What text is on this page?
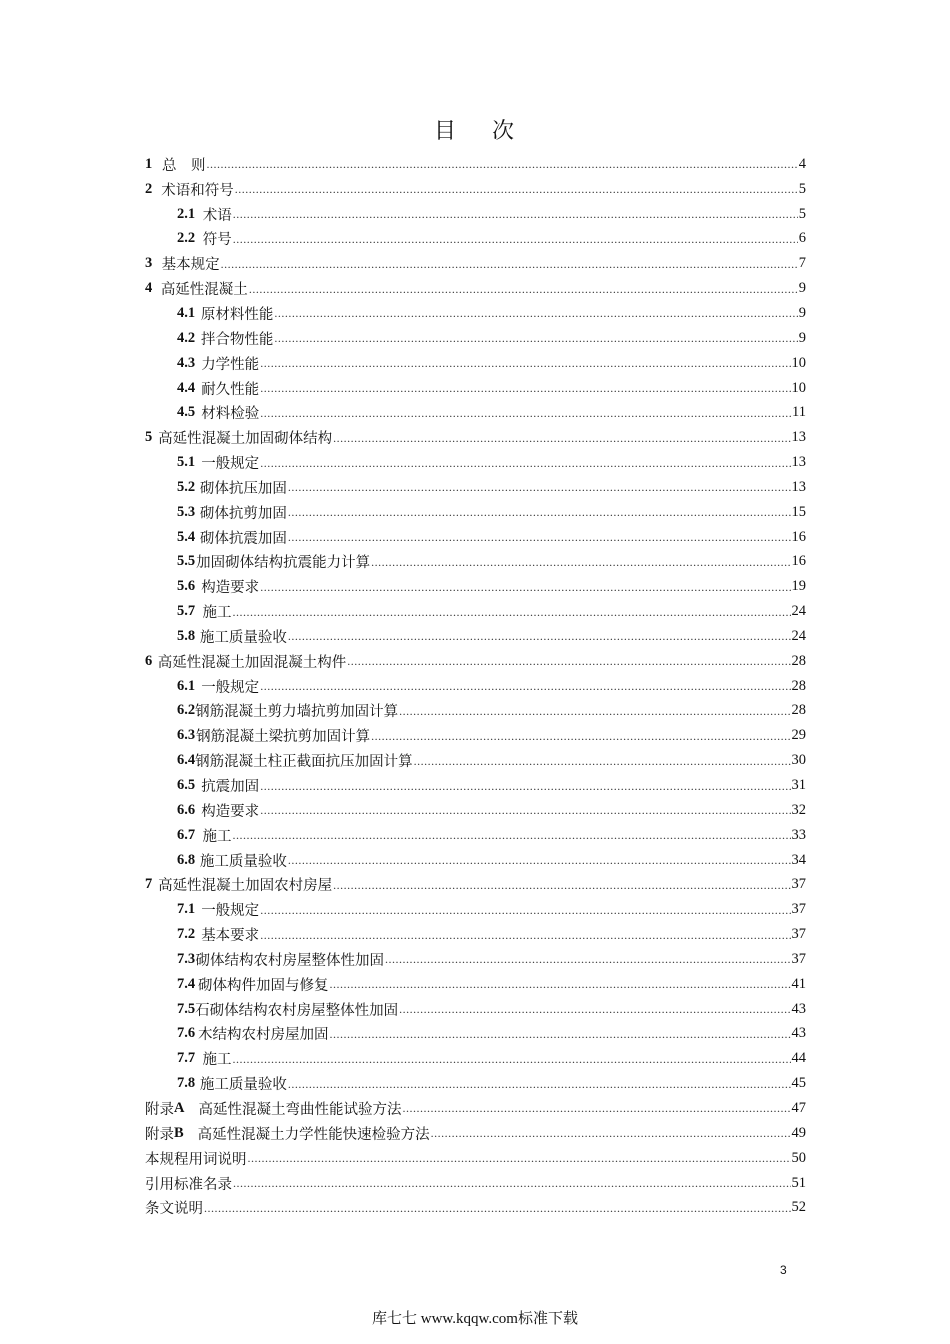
目 次
1 总　则 .....	4
2 术语和符号 .....	5
2.1 术语 .....	5
2.2 符号 .....	6
3 基本规定 .....	7
4 高延性混凝土 .....	9
4.1 原材料性能 .....	9
4.2 拌合物性能 .....	9
4.3 力学性能 .....	10
4.4 耐久性能 .....	10
4.5 材料检验 .....	11
5 高延性混凝土加固砌体结构 .....	13
5.1 一般规定 .....	13
5.2 砌体抗压加固 .....	13
5.3 砌体抗剪加固 .....	15
5.4 砌体抗震加固 .....	16
5.5 加固砌体结构抗震能力计算 .....	16
5.6 构造要求 .....	19
5.7 施工 .....	24
5.8 施工质量验收 .....	24
6 高延性混凝土加固混凝土构件 .....	28
6.1 一般规定 .....	28
6.2 钢筋混凝土剪力墙抗剪加固计算 .....	28
6.3 钢筋混凝土梁抗剪加固计算 .....	29
6.4 钢筋混凝土柱正截面抗压加固计算 .....	30
6.5 抗震加固 .....	31
6.6 构造要求 .....	32
6.7 施工 .....	33
6.8 施工质量验收 .....	34
7 高延性混凝土加固农村房屋 .....	37
7.1 一般规定 .....	37
7.2 基本要求 .....	37
7.3 砌体结构农村房屋整体性加固 .....	37
7.4 砌体构件加固与修复 .....	41
7.5 石砌体结构农村房屋整体性加固 .....	43
7.6 木结构农村房屋加固 .....	43
7.7 施工 .....	44
7.8 施工质量验收 .....	45
附录 A 高延性混凝土弯曲性能试验方法 .....	47
附录 B 高延性混凝土力学性能快速检验方法 .....	49
本规程用词说明 .....	50
引用标准名录 .....	51
条文说明 .....	52
3
库七七 www.kqqw.com标准下载
